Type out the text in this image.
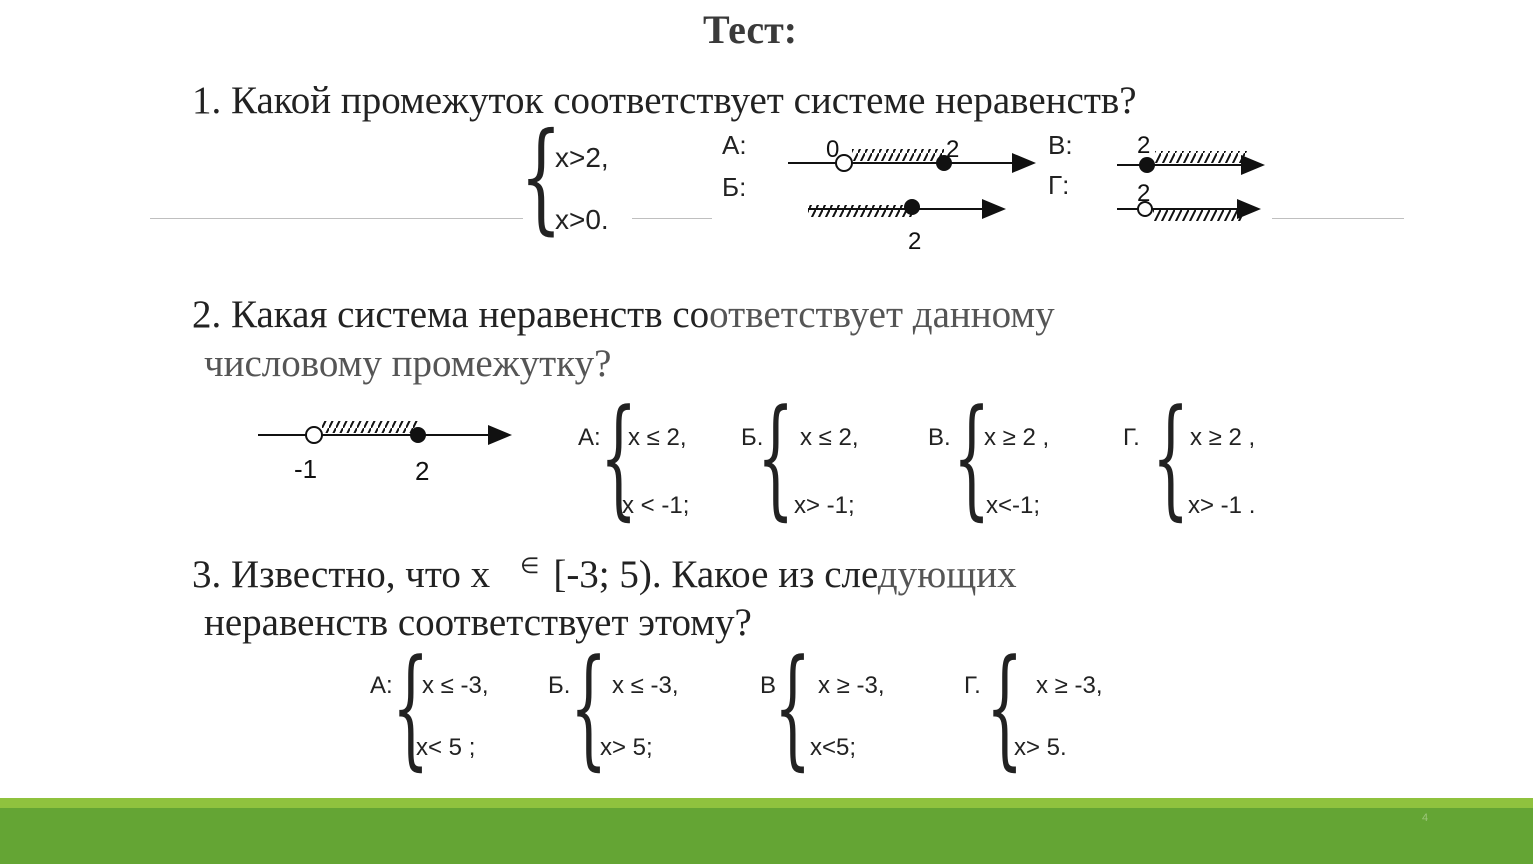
Тест:
1. Какой промежуток соответствует системе неравенств?
{
x>2,
x>0.
А:
Б:
В:
Г:
0	2
2
2
2
2. Какая система неравенств соответствует данному
числовому промежутку?
-1	2
А: {
x ≤ 2,
x < -1;
Б.
{ x ≤ 2,
x> -1;
В. {
x ≥ 2 ,
x<-1;
Г. { x ≥ 2 ,
x> -1 .
3. Известно, что x ∈ [-3; 5). Какое из следующих
неравенств соответствует этому?
А: {
x ≤ -3,
x< 5 ;
Б. { x ≤ -3,
x> 5;
В
{ x ≥ -3,
x<5;
Г. { x ≥ -3,
x> 5.
4
